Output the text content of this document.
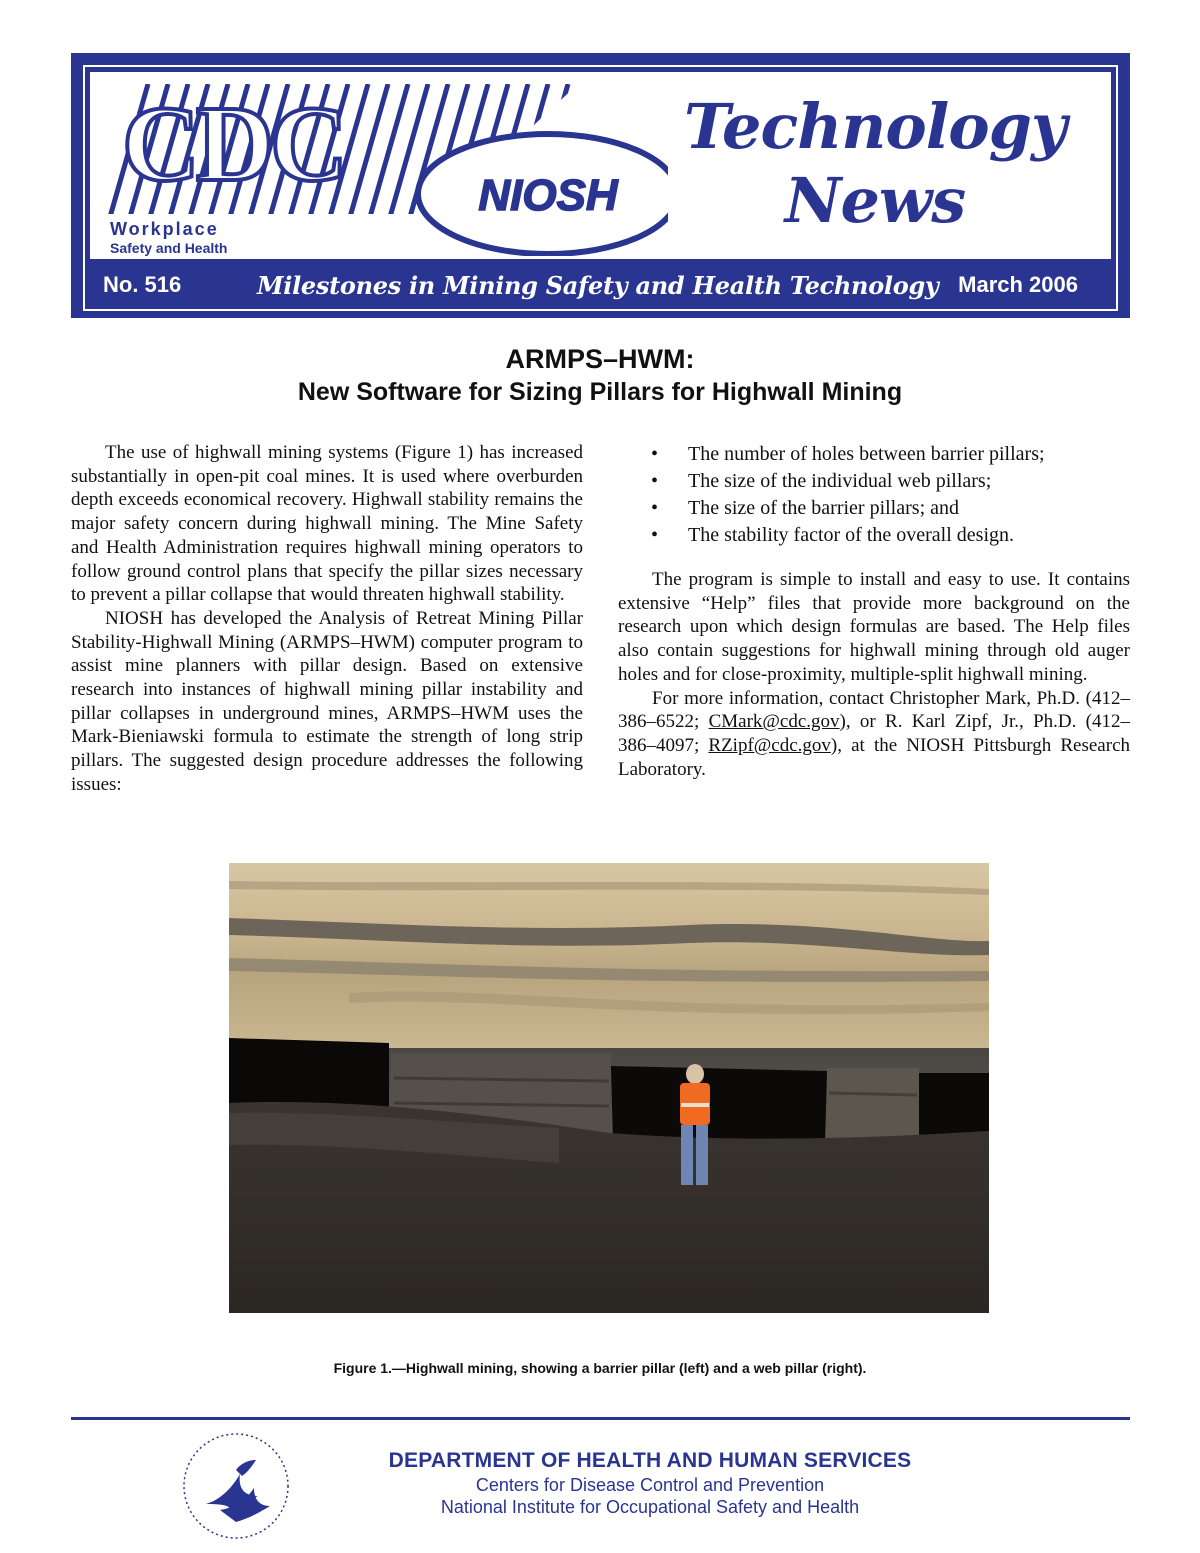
CDC	NIOSH
Workplace
Safety and Health
Technology
News
No. 516	Milestones in Mining Safety and Health Technology March 2006
ARMPS–HWM:
New Software for Sizing Pillars for Highwall Mining

The use of highwall mining systems (Figure 1) has increased substantially in open-pit coal mines. It is used where overburden depth exceeds economical recovery. Highwall stability remains the major safety concern during highwall mining. The Mine Safety and Health Administration requires highwall mining operators to follow ground control plans that specify the pillar sizes necessary to prevent a pillar collapse that would threaten highwall stability.

NIOSH has developed the Analysis of Retreat Mining Pillar Stability-Highwall Mining (ARMPS–HWM) computer program to assist mine planners with pillar design. Based on extensive research into instances of highwall mining pillar instability and pillar collapses in underground mines, ARMPS–HWM uses the Mark-Bieniawski formula to estimate the strength of long strip pillars. The suggested design procedure addresses the following issues:

• The number of holes between barrier pillars;
• The size of the individual web pillars;
• The size of the barrier pillars; and
• The stability factor of the overall design.

The program is simple to install and easy to use. It contains extensive “Help” files that provide more background on the research upon which design formulas are based. The Help files also contain suggestions for highwall mining through old auger holes and for close-proximity, multiple-split highwall mining.

For more information, contact Christopher Mark, Ph.D. (412–386–6522; CMark@cdc.gov), or R. Karl Zipf, Jr., Ph.D. (412–386–4097; RZipf@cdc.gov), at the NIOSH Pittsburgh Research Laboratory.

Figure 1.—Highwall mining, showing a barrier pillar (left) and a web pillar (right).
DEPARTMENT OF HEALTH AND HUMAN SERVICES
Centers for Disease Control and Prevention
National Institute for Occupational Safety and Health
